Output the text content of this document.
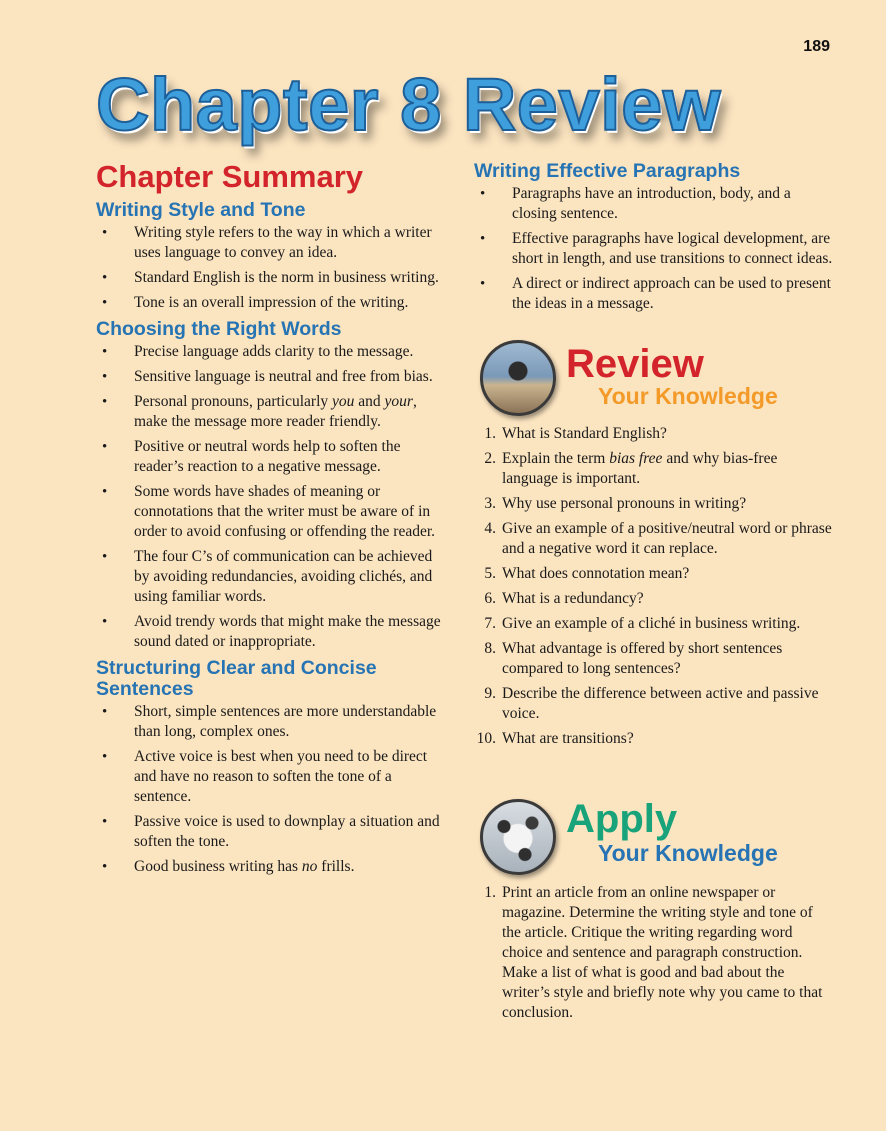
189
Chapter 8 Review
Chapter Summary
Writing Style and Tone
• Writing style refers to the way in which a writer uses language to convey an idea.
• Standard English is the norm in business writing.
• Tone is an overall impression of the writing.
Choosing the Right Words
• Precise language adds clarity to the message.
• Sensitive language is neutral and free from bias.
• Personal pronouns, particularly you and your, make the message more reader friendly.
• Positive or neutral words help to soften the reader’s reaction to a negative message.
• Some words have shades of meaning or connotations that the writer must be aware of in order to avoid confusing or offending the reader.
• The four C’s of communication can be achieved by avoiding redundancies, avoiding clichés, and using familiar words.
• Avoid trendy words that might make the message sound dated or inappropriate.
Structuring Clear and Concise Sentences
• Short, simple sentences are more understandable than long, complex ones.
• Active voice is best when you need to be direct and have no reason to soften the tone of a sentence.
• Passive voice is used to downplay a situation and soften the tone.
• Good business writing has no frills.
Writing Effective Paragraphs
• Paragraphs have an introduction, body, and a closing sentence.
• Effective paragraphs have logical development, are short in length, and use transitions to connect ideas.
• A direct or indirect approach can be used to present the ideas in a message.
Review
Your Knowledge
1. What is Standard English?
2. Explain the term bias free and why bias-free language is important.
3. Why use personal pronouns in writing?
4. Give an example of a positive/neutral word or phrase and a negative word it can replace.
5. What does connotation mean?
6. What is a redundancy?
7. Give an example of a cliché in business writing.
8. What advantage is offered by short sentences compared to long sentences?
9. Describe the difference between active and passive voice.
10. What are transitions?
Apply
Your Knowledge
1. Print an article from an online newspaper or magazine. Determine the writing style and tone of the article. Critique the writing regarding word choice and sentence and paragraph construction. Make a list of what is good and bad about the writer’s style and briefly note why you came to that conclusion.
